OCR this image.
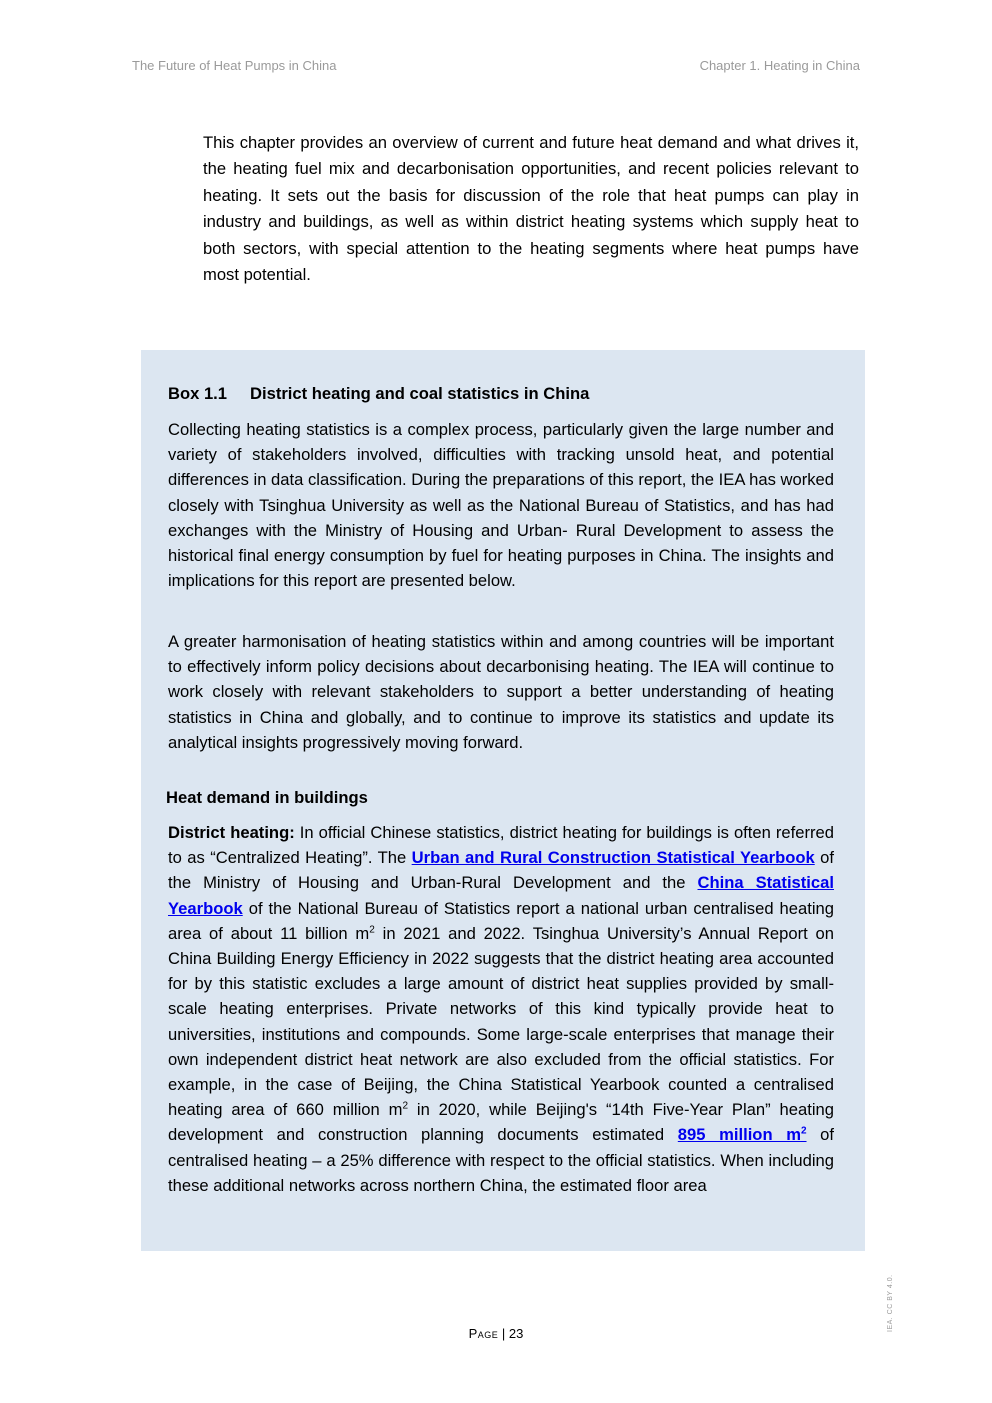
The Future of Heat Pumps in China	Chapter 1. Heating in China

This chapter provides an overview of current and future heat demand and what drives it, the heating fuel mix and decarbonisation opportunities, and recent policies relevant to heating. It sets out the basis for discussion of the role that heat pumps can play in industry and buildings, as well as within district heating systems which supply heat to both sectors, with special attention to the heating segments where heat pumps have most potential.

Box 1.1 District heating and coal statistics in China

Collecting heating statistics is a complex process, particularly given the large number and variety of stakeholders involved, difficulties with tracking unsold heat, and potential differences in data classification. During the preparations of this report, the IEA has worked closely with Tsinghua University as well as the National Bureau of Statistics, and has had exchanges with the Ministry of Housing and Urban- Rural Development to assess the historical final energy consumption by fuel for heating purposes in China. The insights and implications for this report are presented below.

A greater harmonisation of heating statistics within and among countries will be important to effectively inform policy decisions about decarbonising heating. The IEA will continue to work closely with relevant stakeholders to support a better understanding of heating statistics in China and globally, and to continue to improve its statistics and update its analytical insights progressively moving forward.

Heat demand in buildings

District heating: In official Chinese statistics, district heating for buildings is often referred to as “Centralized Heating”. The Urban and Rural Construction Statistical Yearbook of the Ministry of Housing and Urban-Rural Development and the China Statistical Yearbook of the National Bureau of Statistics report a national urban centralised heating area of about 11 billion $m^2$ in 2021 and 2022. Tsinghua University’s Annual Report on China Building Energy Efficiency in 2022 suggests that the district heating area accounted for by this statistic excludes a large amount of district heat supplies provided by small-scale heating enterprises. Private networks of this kind typically provide heat to universities, institutions and compounds. Some large-scale enterprises that manage their own independent district heat network are also excluded from the official statistics. For example, in the case of Beijing, the China Statistical Yearbook counted a centralised heating area of 660 million $m^2$ in 2020, while Beijing's “14th Five-Year Plan” heating development and construction planning documents estimated 895 million $m^2$ of centralised heating – a 25% difference with respect to the official statistics. When including these additional networks across northern China, the estimated floor area

Page | 23
IEA. CC BY 4.0.
